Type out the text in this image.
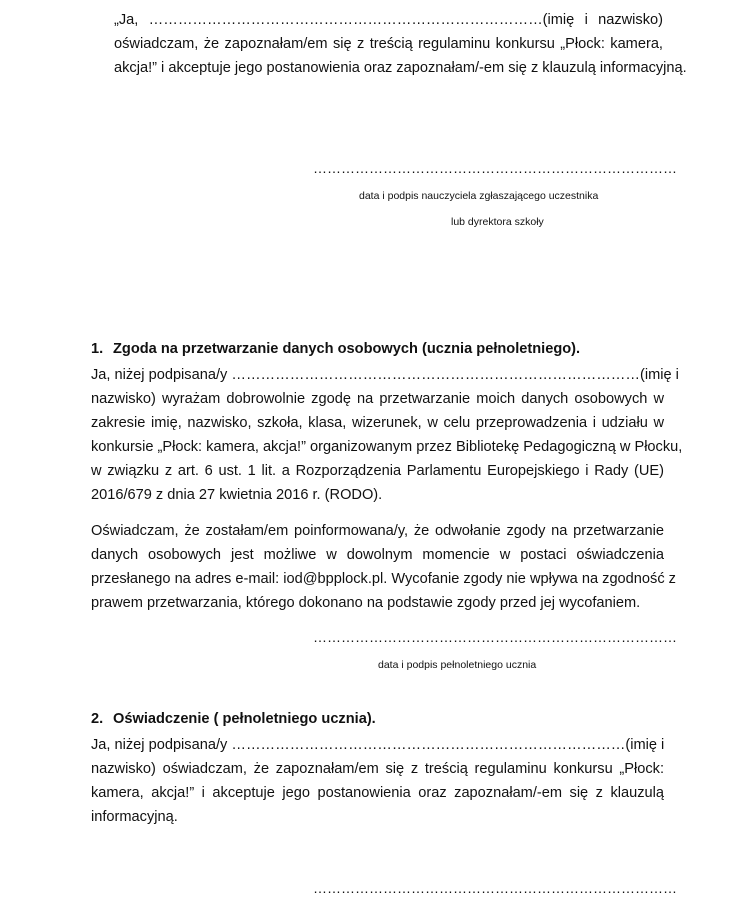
„Ja, ………………………………………………………………………(imię i nazwisko)
oświadczam, że zapoznałam/em się z treścią regulaminu konkursu „Płock: kamera,
akcja!” i akceptuje jego postanowienia oraz zapoznałam/-em się z klauzulą informacyjną.
……………………………………………………………………
data i podpis nauczyciela zgłaszającego uczestnika
lub dyrektora szkoły
1. Zgoda na przetwarzanie danych osobowych (ucznia pełnoletniego).
Ja, niżej podpisana/y …………………………………………………………………………(imię i
nazwisko) wyrażam dobrowolnie zgodę na przetwarzanie moich danych osobowych w
zakresie imię, nazwisko, szkoła, klasa, wizerunek, w celu przeprowadzenia i udziału w
konkursie „Płock: kamera, akcja!” organizowanym przez Bibliotekę Pedagogiczną w Płocku,
w związku z art. 6 ust. 1 lit. a Rozporządzenia Parlamentu Europejskiego i Rady (UE)
2016/679 z dnia 27 kwietnia 2016 r. (RODO).
Oświadczam, że zostałam/em poinformowana/y, że odwołanie zgody na przetwarzanie
danych osobowych jest możliwe w dowolnym momencie w postaci oświadczenia
przesłanego na adres e-mail: iod@bpplock.pl. Wycofanie zgody nie wpływa na zgodność z
prawem przetwarzania, którego dokonano na podstawie zgody przed jej wycofaniem.
……………………………………………………………………
data i podpis pełnoletniego ucznia
2. Oświadczenie ( pełnoletniego ucznia).
Ja, niżej podpisana/y ………………………………………………………………………(imię i
nazwisko) oświadczam, że zapoznałam/em się z treścią regulaminu konkursu „Płock:
kamera, akcja!” i akceptuje jego postanowienia oraz zapoznałam/-em się z klauzulą
informacyjną.
……………………………………………………………………
